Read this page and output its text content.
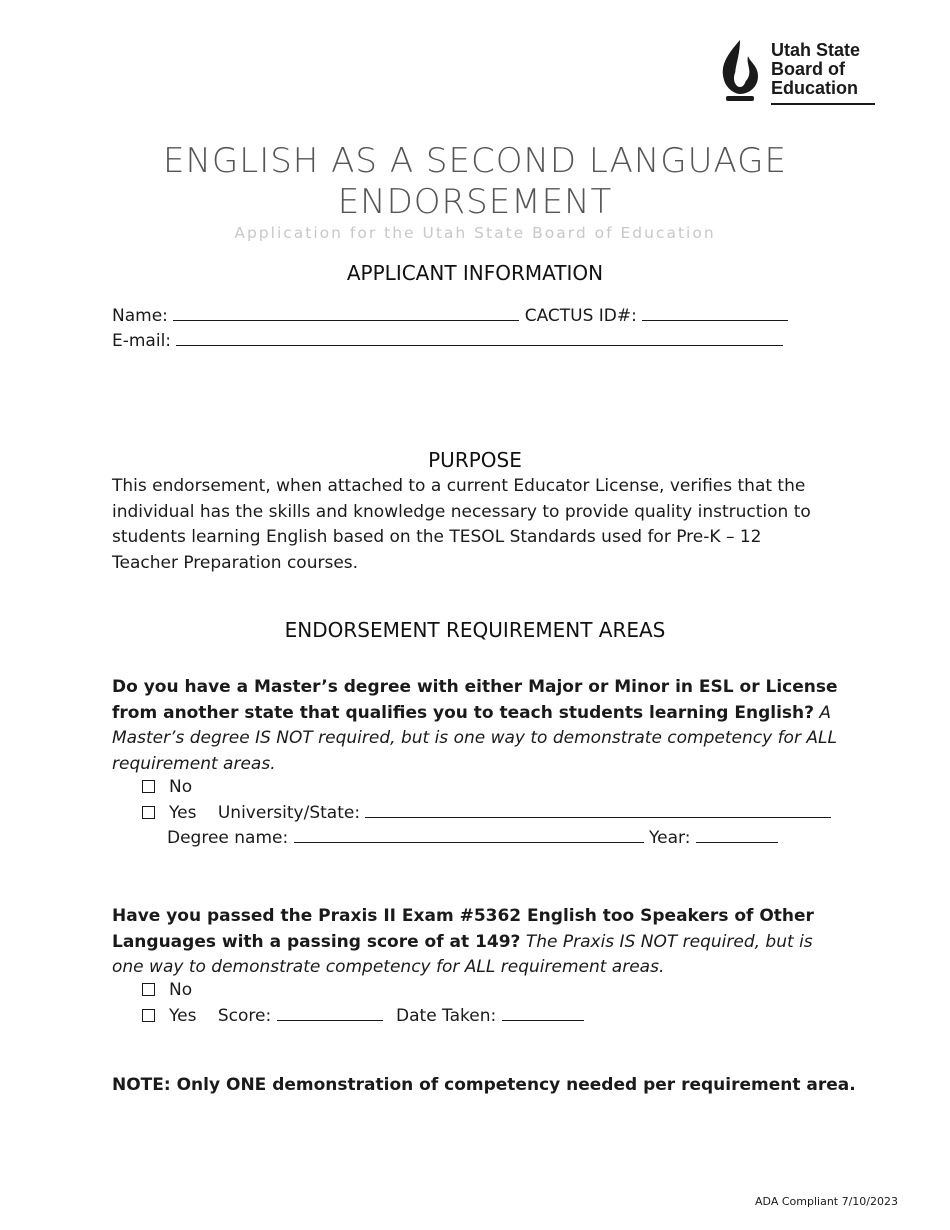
Utah State
Board of
Education
ENGLISH AS A SECOND LANGUAGE
ENDORSEMENT
Application for the Utah State Board of Education
APPLICANT INFORMATION
Name:	CACTUS ID#:
E-mail:
PURPOSE
This endorsement, when attached to a current Educator License, verifies that the individual has the skills and knowledge necessary to provide quality instruction to students learning English based on the TESOL Standards used for Pre-K – 12 Teacher Preparation courses.
ENDORSEMENT REQUIREMENT AREAS
Do you have a Master’s degree with either Major or Minor in ESL or License from another state that qualifies you to teach students learning English? A Master’s degree IS NOT required, but is one way to demonstrate competency for ALL requirement areas.
No
Yes University/State:
Degree name:	Year:
Have you passed the Praxis II Exam #5362 English too Speakers of Other Languages with a passing score of at 149? The Praxis IS NOT required, but is one way to demonstrate competency for ALL requirement areas.
No
Yes Score:	Date Taken:
NOTE: Only ONE demonstration of competency needed per requirement area.
ADA Compliant 7/10/2023
